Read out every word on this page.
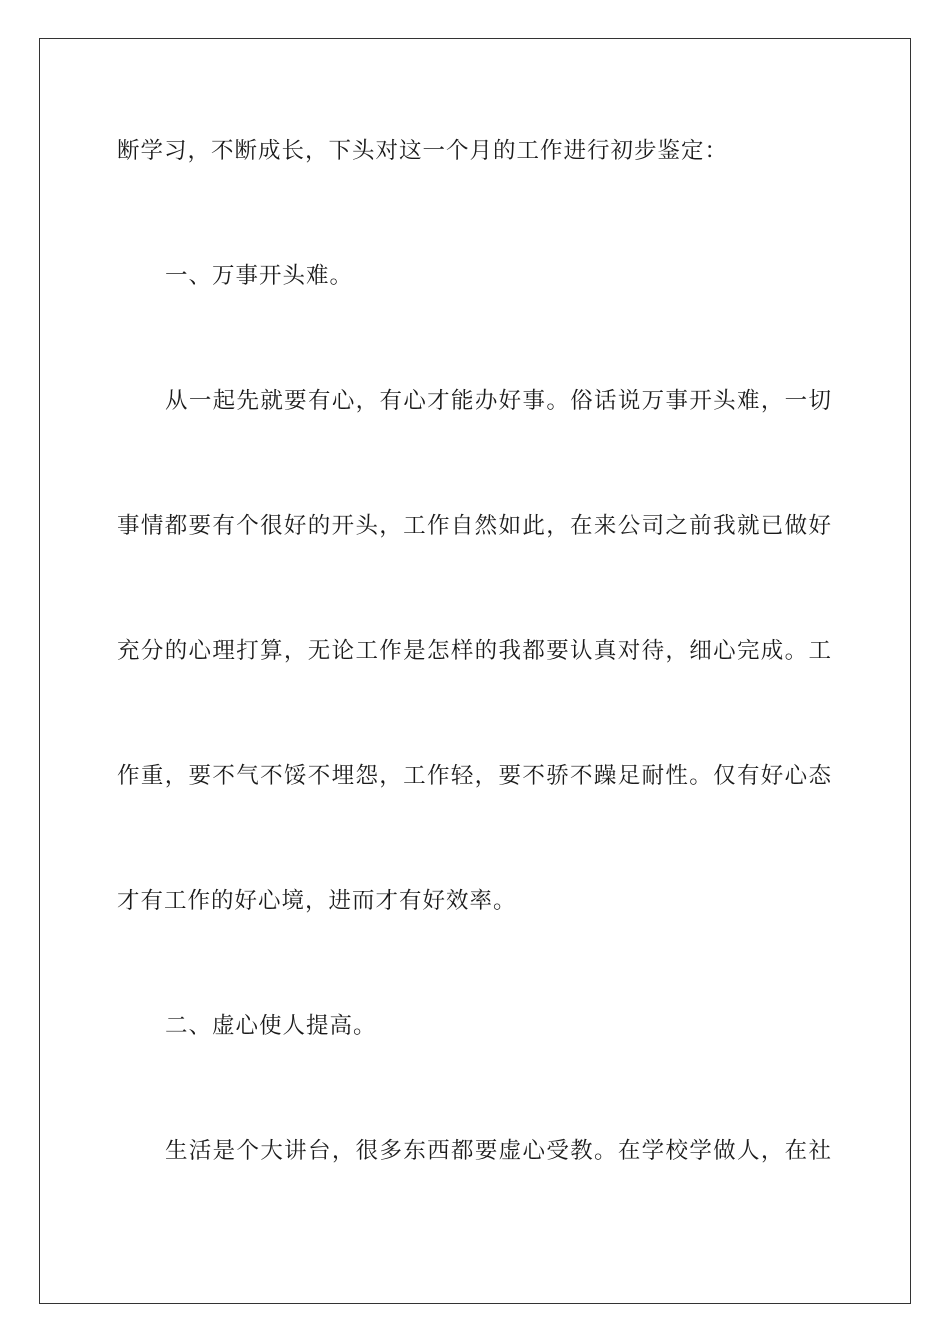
断学习，不断成长，下头对这一个月的工作进行初步鉴定：
一、万事开头难。
从一起先就要有心，有心才能办好事。俗话说万事开头难，一切
事情都要有个很好的开头，工作自然如此，在来公司之前我就已做好
充分的心理打算，无论工作是怎样的我都要认真对待，细心完成。工
作重，要不气不馁不埋怨，工作轻，要不骄不躁足耐性。仅有好心态
才有工作的好心境，进而才有好效率。
二、虚心使人提高。
生活是个大讲台，很多东西都要虚心受教。在学校学做人，在社
